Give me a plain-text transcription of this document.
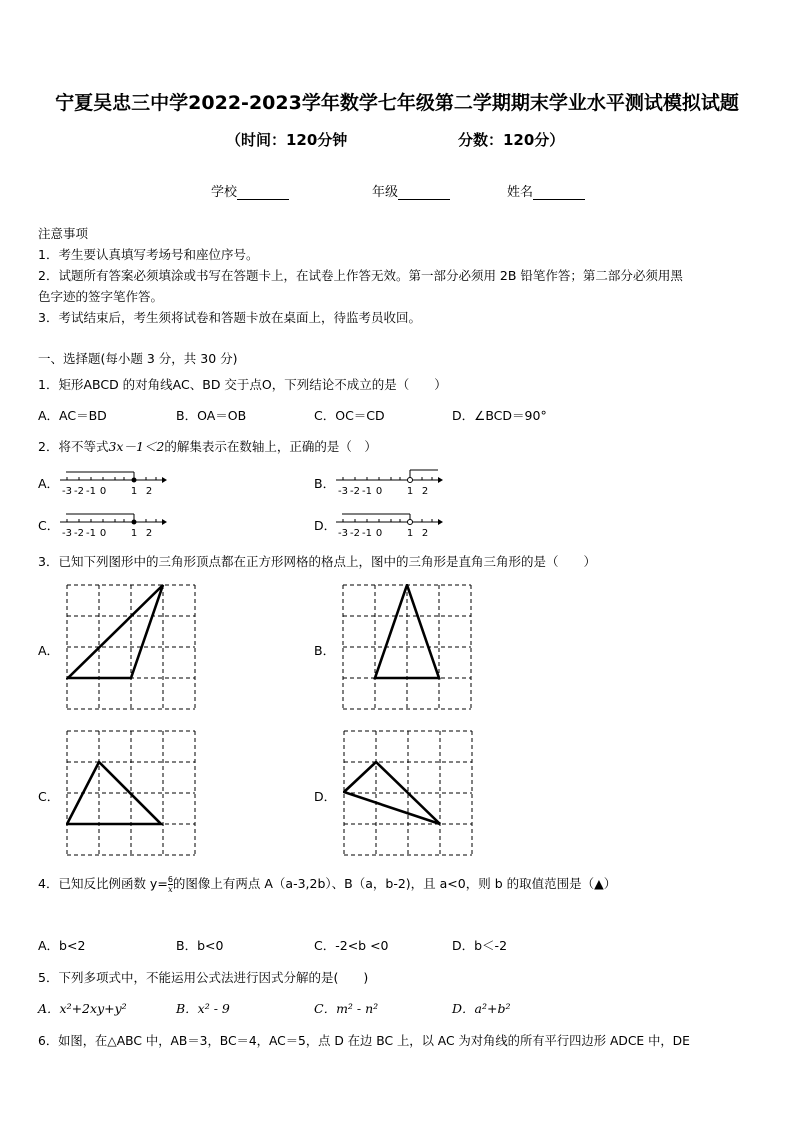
宁夏吴忠三中学2022-2023学年数学七年级第二学期期末学业水平测试模拟试题
（时间：120分钟	分数：120分）
学校	年级	姓名
注意事项
1．考生要认真填写考场号和座位序号。
2．试题所有答案必须填涂或书写在答题卡上，在试卷上作答无效。第一部分必须用 2B 铅笔作答；第二部分必须用黑
色字迹的签字笔作答。
3．考试结束后，考生须将试卷和答题卡放在桌面上，待监考员收回。
一、选择题(每小题 3 分，共 30 分)
1．矩形ABCD 的对角线AC、BD 交于点O，下列结论不成立的是（　　）
A．AC＝BD	B．OA＝OB	C．OC＝CD	D．∠BCD＝90°
2．将不等式3x－1＜2的解集表示在数轴上，正确的是（　）
A．
-3 -2 -1 0 1 2
B．
-3 -2 -1 0 1 2
C．
-3 -2 -1 0 1 2
D．
-3 -2 -1 0 1 2
3．已知下列图形中的三角形顶点都在正方形网格的格点上，图中的三角形是直角三角形的是（　　）
A．	B．
C．	D．
4．已知反比例函数 $y= \frac{6}{x}$ 的图像上有两点 A（a-3,2b）、B（a，b-2)，且 a<0，则 b 的取值范围是（▲）
A．b<2	B．b<0	C．-2<b <0	D．b＜-2
5．下列多项式中，不能运用公式法进行因式分解的是(　　)
A．x²+2xy+y²	B．x² - 9	C．m² - n²	D．a²+b²
6．如图，在△ABC 中，AB＝3，BC＝4，AC＝5，点 D 在边 BC 上，以 AC 为对角线的所有平行四边形 ADCE 中，DE
